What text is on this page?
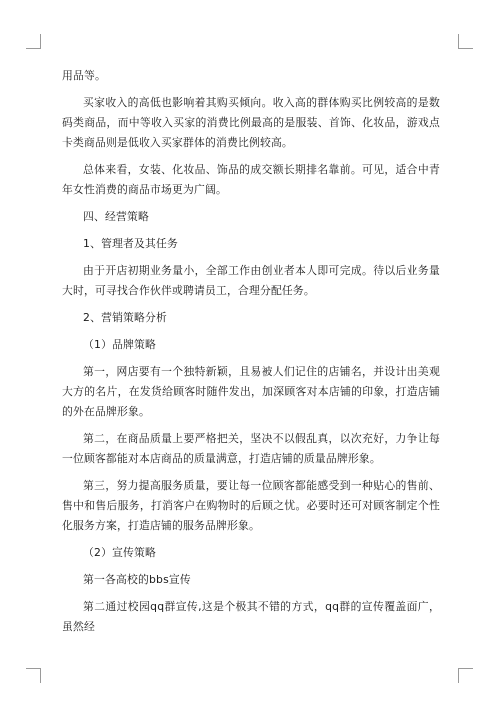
用品等。

买家收入的高低也影响着其购买倾向。收入高的群体购买比例较高的是数码类商品，而中等收入买家的消费比例最高的是服装、首饰、化妆品，游戏点卡类商品则是低收入买家群体的消费比例较高。

总体来看，女装、化妆品、饰品的成交额长期排名靠前。可见，适合中青年女性消费的商品市场更为广阔。

四、经营策略

1、管理者及其任务

由于开店初期业务量小，全部工作由创业者本人即可完成。待以后业务量大时，可寻找合作伙伴或聘请员工，合理分配任务。

2、营销策略分析

（1）品牌策略

第一，网店要有一个独特新颖，且易被人们记住的店铺名，并设计出美观大方的名片，在发货给顾客时随件发出，加深顾客对本店铺的印象，打造店铺的外在品牌形象。

第二，在商品质量上要严格把关，坚决不以假乱真，以次充好，力争让每一位顾客都能对本店商品的质量满意，打造店铺的质量品牌形象。

第三，努力提高服务质量，要让每一位顾客都能感受到一种贴心的售前、售中和售后服务，打消客户在购物时的后顾之忧。必要时还可对顾客制定个性化服务方案，打造店铺的服务品牌形象。

（2）宣传策略

第一各高校的bbs宣传

第二通过校园qq群宣传,这是个极其不错的方式，qq群的宣传覆盖面广，虽然经
